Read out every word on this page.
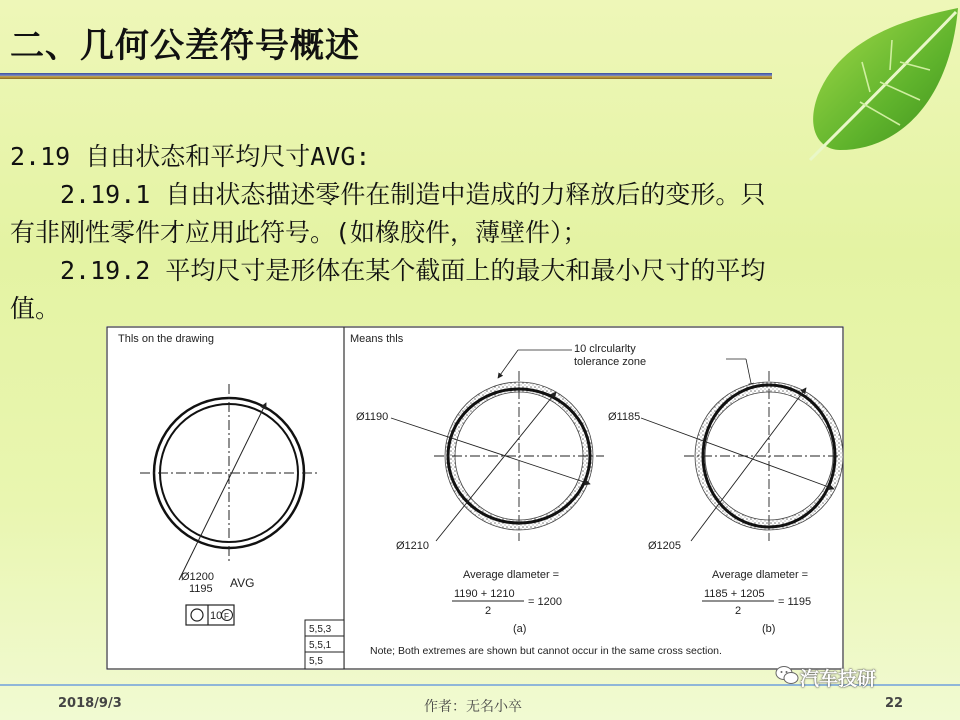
二、几何公差符号概述

2.19 自由状态和平均尺寸AVG:

2.19.1 自由状态描述零件在制造中造成的力释放后的变形。只

有非刚性零件才应用此符号。(如橡胶件，薄壁件）；

2.19.2 平均尺寸是形体在某个截面上的最大和最小尺寸的平均

值。

Thls on the drawing
Ø1200
1195 AVG
10 F
5,5,3
5,5,1
5,5
Means thls
10 clrcularlty
tolerance zone
Ø1190
Ø1210
Ø1185
Ø1205
Average dlameter =
1190 + 1210
2
= 1200
(a)
Average dlameter =
1185 + 1205
2
= 1195
(b)
Note; Both extremes are shown but cannot occur in the same cross section.
汽车技研
2018/9/3	作者：无名小卒	22
